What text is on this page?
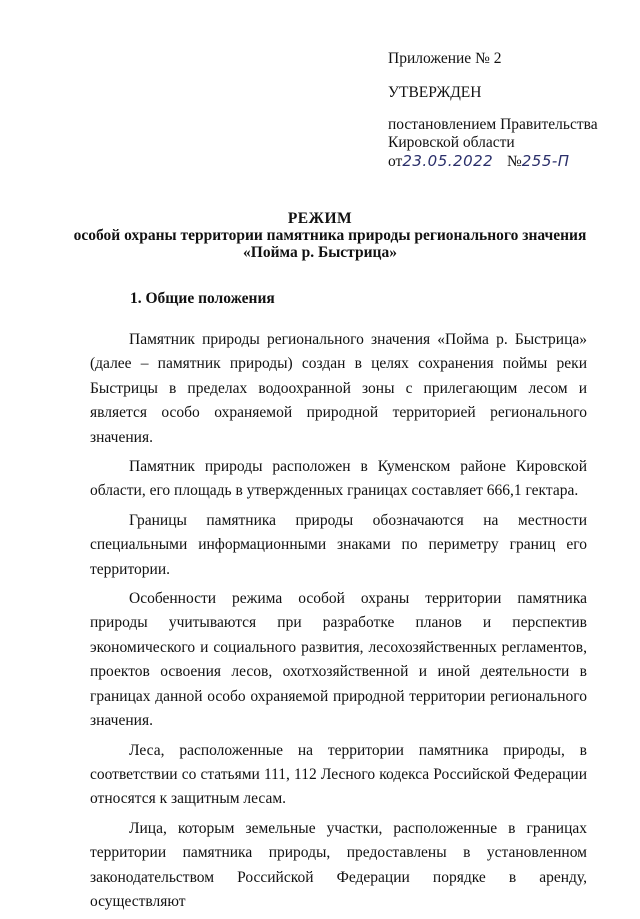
Приложение № 2
УТВЕРЖДЕН
постановлением Правительства
Кировской области
от23.05.2022 №255-П
РЕЖИМ
особой охраны территории памятника природы регионального значения
«Пойма р. Быстрица»
1. Общие положения

Памятник природы регионального значения «Пойма р. Быстрица» (далее – памятник природы) создан в целях сохранения поймы реки Быстрицы в пределах водоохранной зоны с прилегающим лесом и является особо охраняемой природной территорией регионального значения.

Памятник природы расположен в Куменском районе Кировской области, его площадь в утвержденных границах составляет 666,1 гектара.

Границы памятника природы обозначаются на местности специальными информационными знаками по периметру границ его территории.

Особенности режима особой охраны территории памятника природы учитываются при разработке планов и перспектив экономического и социального развития, лесохозяйственных регламентов, проектов освоения лесов, охотхозяйственной и иной деятельности в границах данной особо охраняемой природной территории регионального значения.

Леса, расположенные на территории памятника природы, в соответствии со статьями 111, 112 Лесного кодекса Российской Федерации относятся к защитным лесам.

Лица, которым земельные участки, расположенные в границах территории памятника природы, предоставлены в установленном законодательством Российской Федерации порядке в аренду, осуществляют
